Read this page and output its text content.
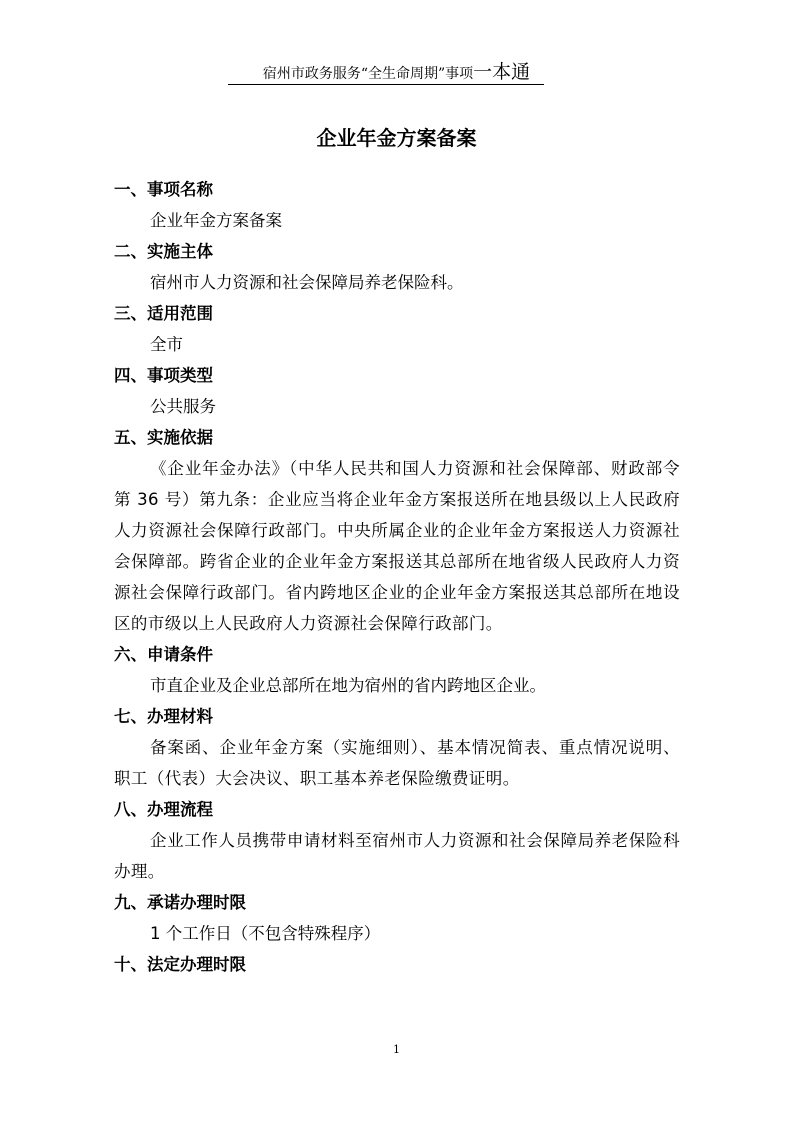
宿州市政务服务“全生命周期”事项一本通
企业年金方案备案
一、事项名称
企业年金方案备案
二、实施主体
宿州市人力资源和社会保障局养老保险科。
三、适用范围
全市
四、事项类型
公共服务
五、实施依据
《企业年金办法》（中华人民共和国人力资源和社会保障部、财政部令第 36 号）第九条：企业应当将企业年金方案报送所在地县级以上人民政府人力资源社会保障行政部门。中央所属企业的企业年金方案报送人力资源社会保障部。跨省企业的企业年金方案报送其总部所在地省级人民政府人力资源社会保障行政部门。省内跨地区企业的企业年金方案报送其总部所在地设区的市级以上人民政府人力资源社会保障行政部门。
六、申请条件
市直企业及企业总部所在地为宿州的省内跨地区企业。
七、办理材料
备案函、企业年金方案（实施细则）、基本情况简表、重点情况说明、职工（代表）大会决议、职工基本养老保险缴费证明。
八、办理流程
企业工作人员携带申请材料至宿州市人力资源和社会保障局养老保险科办理。
九、承诺办理时限
1 个工作日（不包含特殊程序）
十、法定办理时限
1
